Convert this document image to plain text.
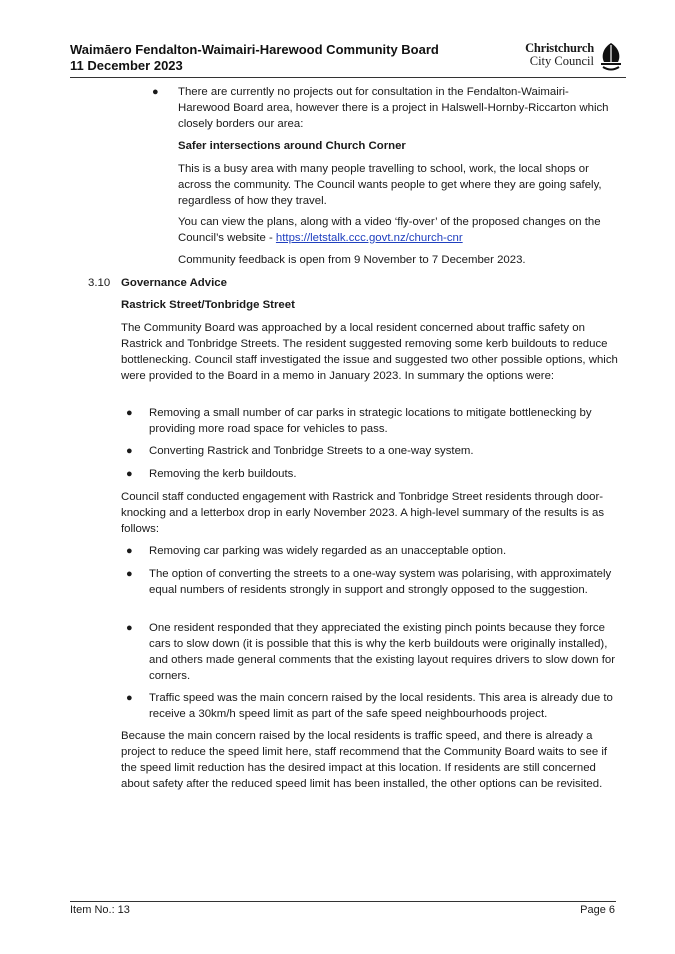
Waimāero Fendalton-Waimairi-Harewood Community Board
11 December 2023
Christchurch
City Council
● There are currently no projects out for consultation in the Fendalton-Waimairi-Harewood Board area, however there is a project in Halswell-Hornby-Riccarton which closely borders our area:

Safer intersections around Church Corner

This is a busy area with many people travelling to school, work, the local shops or across the community. The Council wants people to get where they are going safely, regardless of how they travel.

You can view the plans, along with a video ‘fly-over’ of the proposed changes on the Council’s website - https://letstalk.ccc.govt.nz/church-cnr

Community feedback is open from 9 November to 7 December 2023.

3.10 Governance Advice

Rastrick Street/Tonbridge Street

The Community Board was approached by a local resident concerned about traffic safety on Rastrick and Tonbridge Streets. The resident suggested removing some kerb buildouts to reduce bottlenecking. Council staff investigated the issue and suggested two other possible options, which were provided to the Board in a memo in January 2023. In summary the options were:

● Removing a small number of car parks in strategic locations to mitigate bottlenecking by providing more road space for vehicles to pass.

● Converting Rastrick and Tonbridge Streets to a one-way system.

● Removing the kerb buildouts.

Council staff conducted engagement with Rastrick and Tonbridge Street residents through door-knocking and a letterbox drop in early November 2023. A high-level summary of the results is as follows:

● Removing car parking was widely regarded as an unacceptable option.

● The option of converting the streets to a one-way system was polarising, with approximately equal numbers of residents strongly in support and strongly opposed to the suggestion.

● One resident responded that they appreciated the existing pinch points because they force cars to slow down (it is possible that this is why the kerb buildouts were originally installed), and others made general comments that the existing layout requires drivers to slow down for corners.

● Traffic speed was the main concern raised by the local residents. This area is already due to receive a 30km/h speed limit as part of the safe speed neighbourhoods project.

Because the main concern raised by the local residents is traffic speed, and there is already a project to reduce the speed limit here, staff recommend that the Community Board waits to see if the speed limit reduction has the desired impact at this location. If residents are still concerned about safety after the reduced speed limit has been installed, the other options can be revisited.

Item No.: 13	Page 6
